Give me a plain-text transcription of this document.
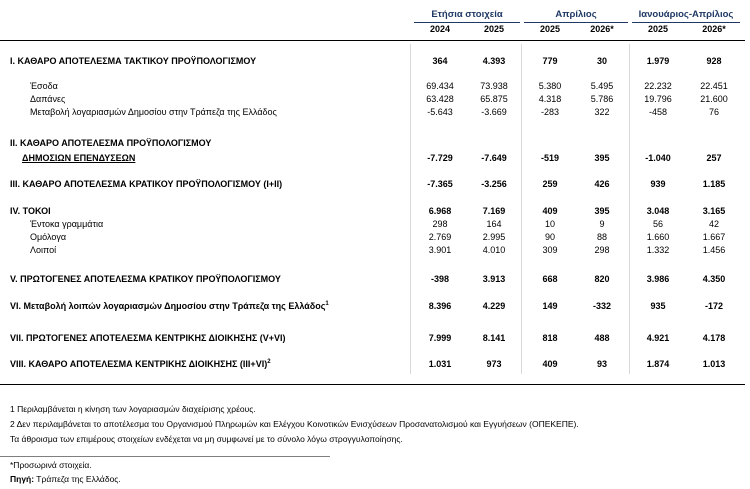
Ετήσια στοιχεία	Απρίλιος	Ιανουάριος-Απρίλιος
2024	2025	2025	2026*	2025	2026*
Ι. ΚΑΘΑΡΟ ΑΠΟΤΕΛΕΣΜΑ ΤΑΚΤΙΚΟΥ ΠΡΟΫΠΟΛΟΓΙΣΜΟΥ	364	4.393	779	30	1.979	928
Έσοδα	69.434	73.938	5.380	5.495	22.232	22.451
Δαπάνες	63.428	65.875	4.318	5.786	19.796	21.600
Μεταβολή λογαριασμών Δημοσίου στην Τράπεζα της Ελλάδος	-5.643	-3.669	-283	322	-458	76
ΙΙ. ΚΑΘΑΡΟ ΑΠΟΤΕΛΕΣΜΑ ΠΡΟΫΠΟΛΟΓΙΣΜΟΥ
ΔΗΜΟΣΙΩΝ ΕΠΕΝΔΥΣΕΩΝ	-7.729	-7.649	-519	395	-1.040	257
ΙΙΙ. ΚΑΘΑΡΟ ΑΠΟΤΕΛΕΣΜΑ ΚΡΑΤΙΚΟΥ ΠΡΟΫΠΟΛΟΓΙΣΜΟΥ (Ι+ΙΙ)	-7.365	-3.256	259	426	939	1.185
ΙV. ΤΟΚΟΙ	6.968	7.169	409	395	3.048	3.165
Έντοκα γραμμάτια	298	164	10	9	56	42
Ομόλογα	2.769	2.995	90	88	1.660	1.667
Λοιποί	3.901	4.010	309	298	1.332	1.456
V. ΠΡΩΤΟΓΕΝΕΣ ΑΠΟΤΕΛΕΣΜΑ ΚΡΑΤΙΚΟΥ ΠΡΟΫΠΟΛΟΓΙΣΜΟΥ	-398	3.913	668	820	3.986	4.350
VI. Μεταβολή λοιπών λογαριασμών Δημοσίου στην Τράπεζα της Ελλάδος$^1$	8.396	4.229	149	-332	935	-172
VII. ΠΡΩΤΟΓΕΝΕΣ ΑΠΟΤΕΛΕΣΜΑ ΚΕΝΤΡΙΚΗΣ ΔΙΟΙΚΗΣΗΣ (V+VI)	7.999	8.141	818	488	4.921	4.178
VIII. ΚΑΘΑΡΟ ΑΠΟΤΕΛΕΣΜΑ ΚΕΝΤΡΙΚΗΣ ΔΙΟΙΚΗΣΗΣ $(III+VI)^2$	1.031	973	409	93	1.874	1.013
1 Περιλαμβάνεται η κίνηση των λογαριασμών διαχείρισης χρέους.
2 Δεν περιλαμβάνεται το αποτέλεσμα του Οργανισμού Πληρωμών και Ελέγχου Κοινοτικών Ενισχύσεων Προσανατολισμού και Εγγυήσεων (ΟΠΕΚΕΠΕ).
Τα άθροισμα των επιμέρους στοιχείων ενδέχεται να μη συμφωνεί με το σύνολο λόγω στρογγυλοποίησης.
*Προσωρινά στοιχεία.
Πηγή: Τράπεζα της Ελλάδος.
